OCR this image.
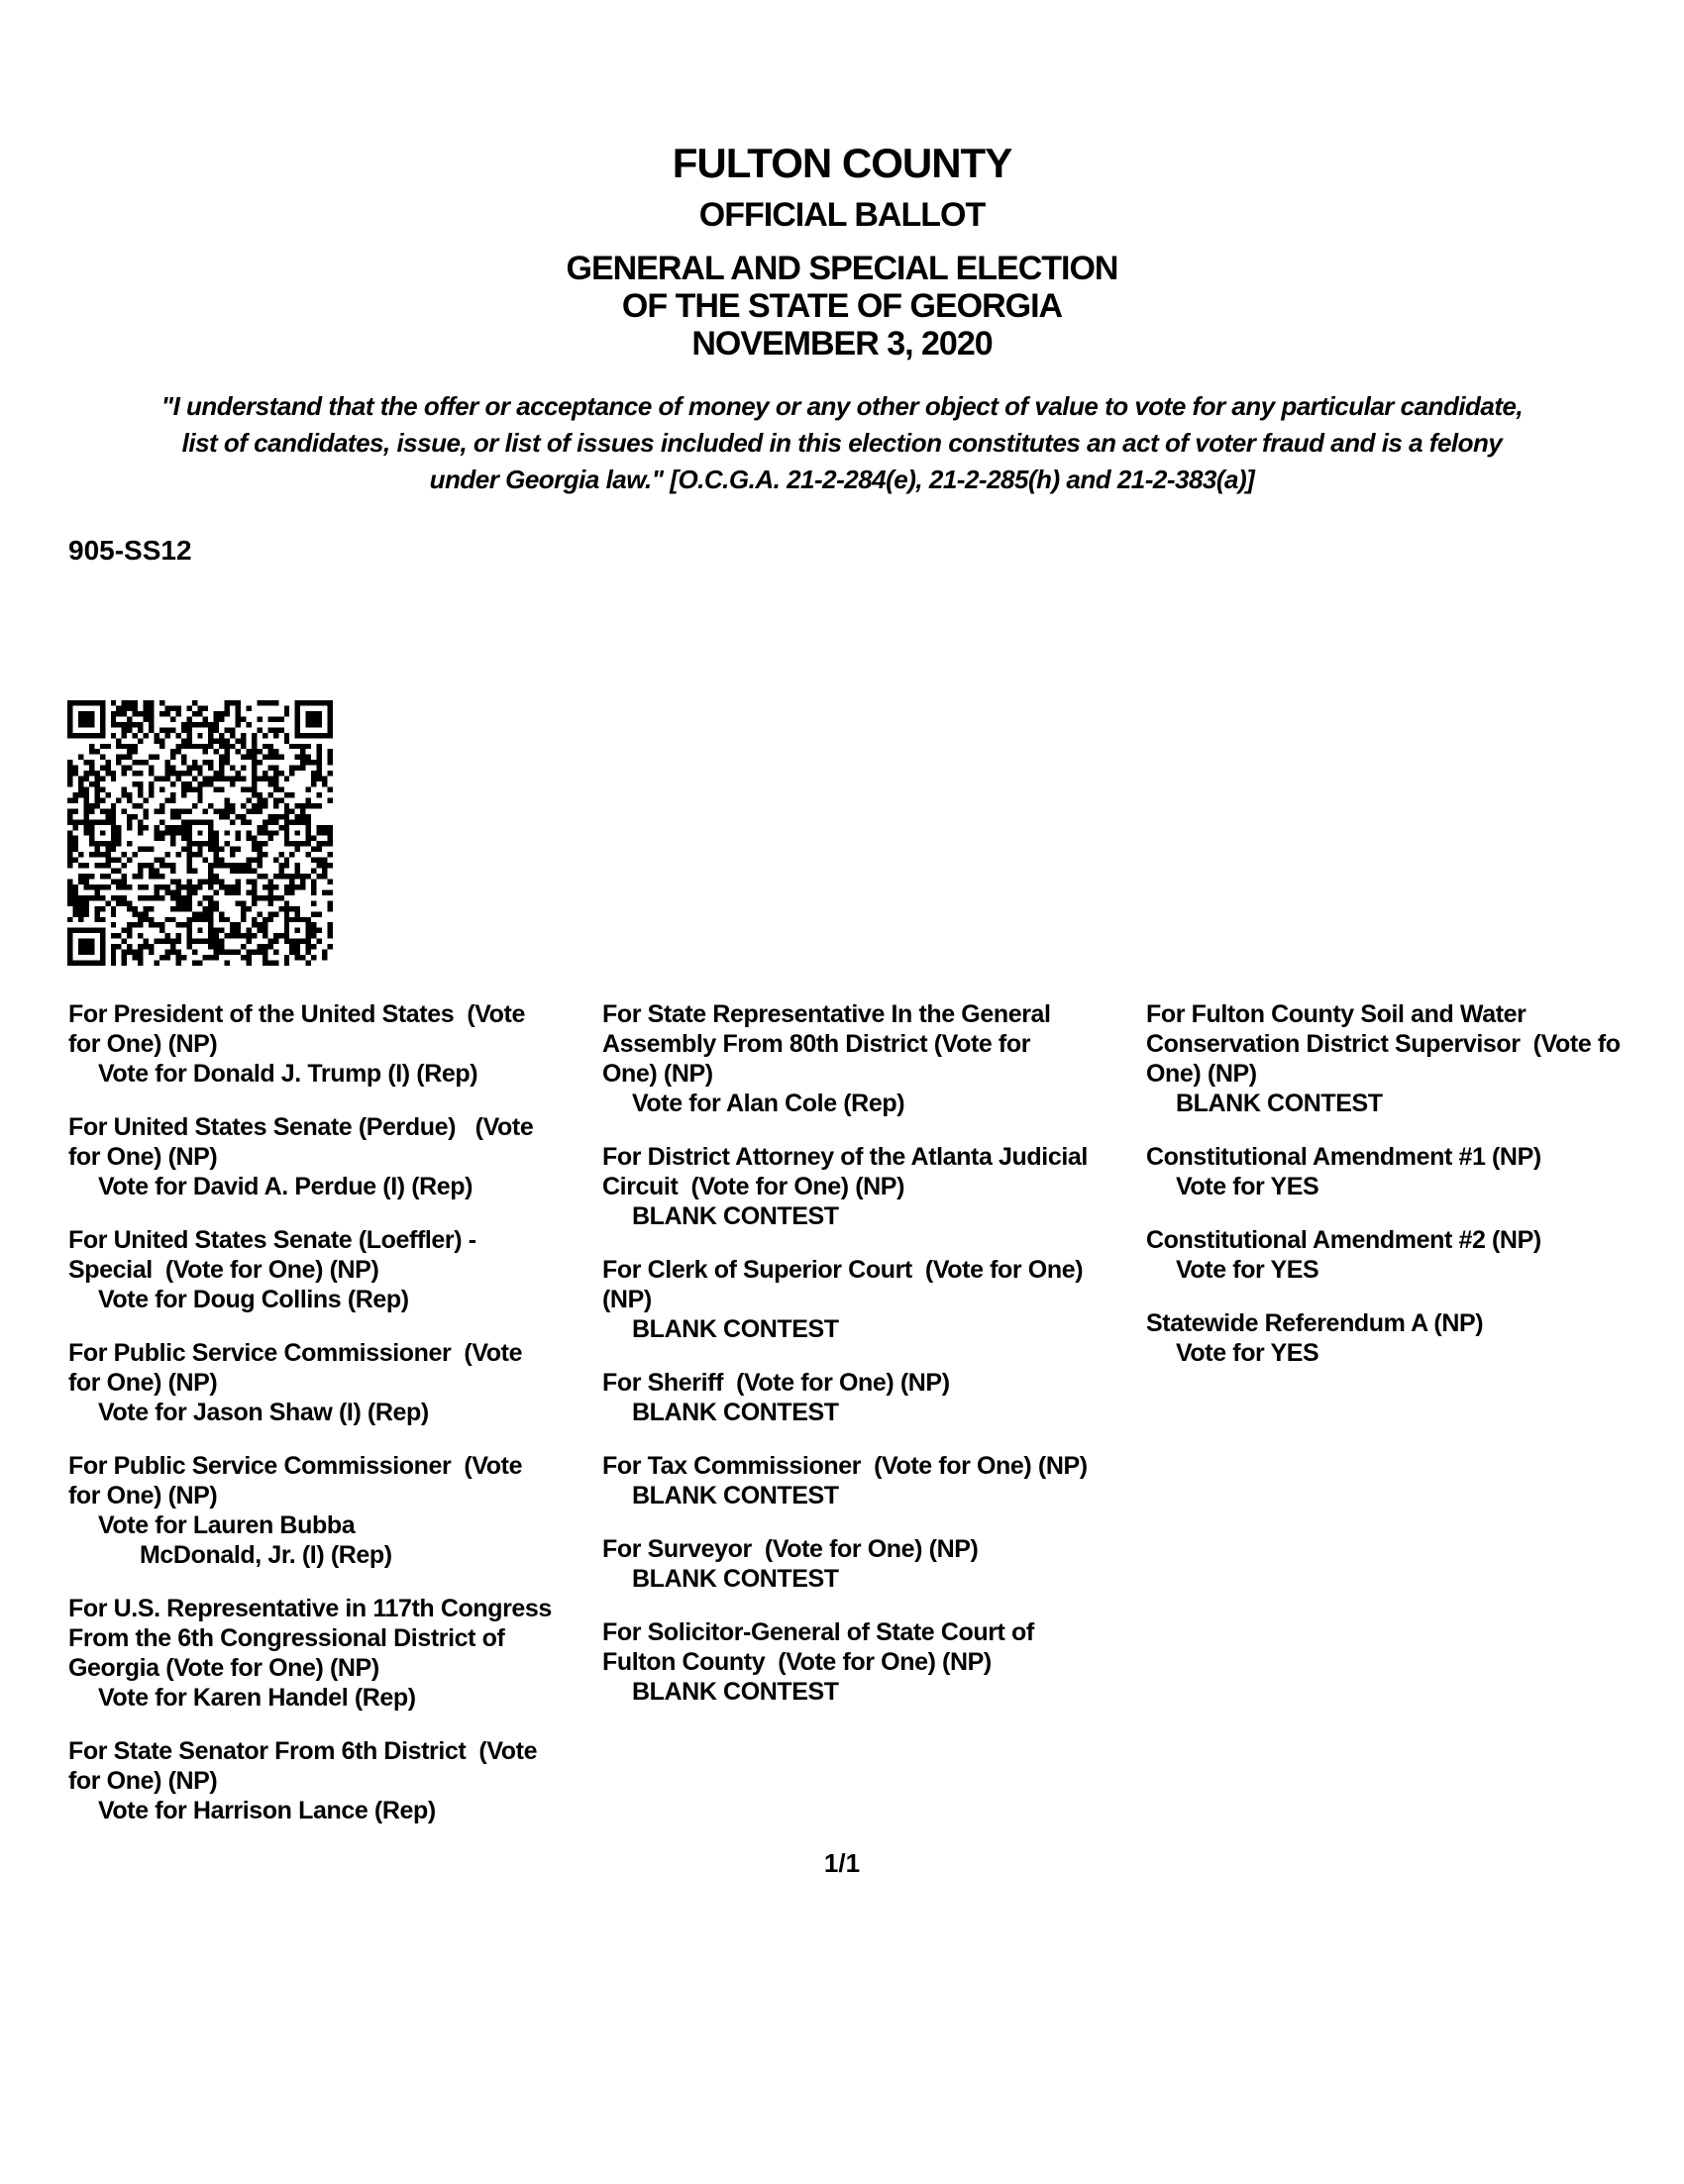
FULTON COUNTY
OFFICIAL BALLOT
GENERAL AND SPECIAL ELECTION
OF THE STATE OF GEORGIA
NOVEMBER 3, 2020
"I understand that the offer or acceptance of money or any other object of value to vote for any particular candidate,
list of candidates, issue, or list of issues included in this election constitutes an act of voter fraud and is a felony
under Georgia law." [O.C.G.A. 21-2-284(e), 21-2-285(h) and 21-2-383(a)]
905-SS12
For President of the United States  (Vote
for One) (NP)
Vote for Donald J. Trump (I) (Rep)
For United States Senate (Perdue)   (Vote
for One) (NP)
Vote for David A. Perdue (I) (Rep)
For United States Senate (Loeffler) -
Special  (Vote for One) (NP)
Vote for Doug Collins (Rep)
For Public Service Commissioner  (Vote
for One) (NP)
Vote for Jason Shaw (I) (Rep)
For Public Service Commissioner  (Vote
for One) (NP)
Vote for Lauren Bubba
McDonald, Jr. (I) (Rep)
For U.S. Representative in 117th Congress
From the 6th Congressional District of
Georgia (Vote for One) (NP)
Vote for Karen Handel (Rep)
For State Senator From 6th District  (Vote
for One) (NP)
Vote for Harrison Lance (Rep)
For State Representative In the General
Assembly From 80th District (Vote for
One) (NP)
Vote for Alan Cole (Rep)
For District Attorney of the Atlanta Judicial
Circuit  (Vote for One) (NP)
BLANK CONTEST
For Clerk of Superior Court  (Vote for One)
(NP)
BLANK CONTEST
For Sheriff  (Vote for One) (NP)
BLANK CONTEST
For Tax Commissioner  (Vote for One) (NP)
BLANK CONTEST
For Surveyor  (Vote for One) (NP)
BLANK CONTEST
For Solicitor-General of State Court of
Fulton County  (Vote for One) (NP)
BLANK CONTEST
For Fulton County Soil and Water
Conservation District Supervisor  (Vote fo
One) (NP)
BLANK CONTEST
Constitutional Amendment #1 (NP)
Vote for YES
Constitutional Amendment #2 (NP)
Vote for YES
Statewide Referendum A (NP)
Vote for YES
1/1
